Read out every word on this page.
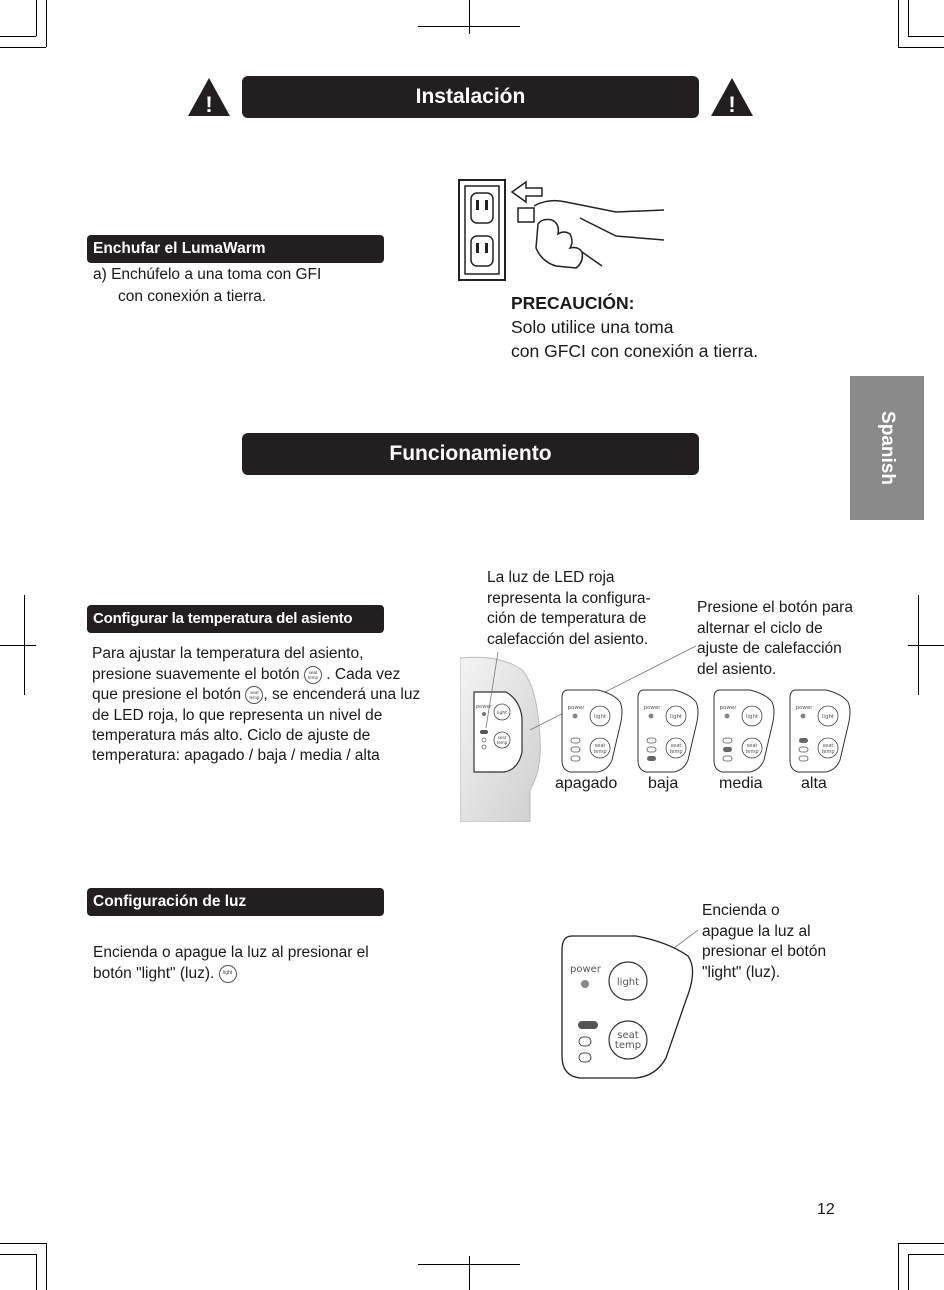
!	Instalación	!
Enchufar el LumaWarm
a) Enchúfelo a una toma con GFI
con conexión a tierra.	PRECAUCIÓN:
Solo utilice una toma
con GFCI con conexión a tierra.
Spanish
Funcionamiento
Configurar la temperatura del asiento
Para ajustar la temperatura del asiento,
presione suavemente el botón seat
temp . Cada vez
que presione el botón seat
temp , se encenderá una luz
de LED roja, lo que representa un nivel de
temperatura más alto. Ciclo de ajuste de
temperatura: apagado / baja / media / alta
La luz de LED roja
representa la configura-
ción de temperatura de
calefacción del asiento.
Presione el botón para
alternar el ciclo de
ajuste de calefacción
del asiento.
power
light
seat
temp
power
light
seat
temp
power
light
seat
temp
power
light
seat
temp
power
light
seat
temp
apagado baja	media alta
Configuración de luz
Encienda o apague la luz al presionar el
botón "light" (luz). light
Encienda o
apague la luz al
presionar el botón
"light" (luz).
power
light
seat
temp
12
